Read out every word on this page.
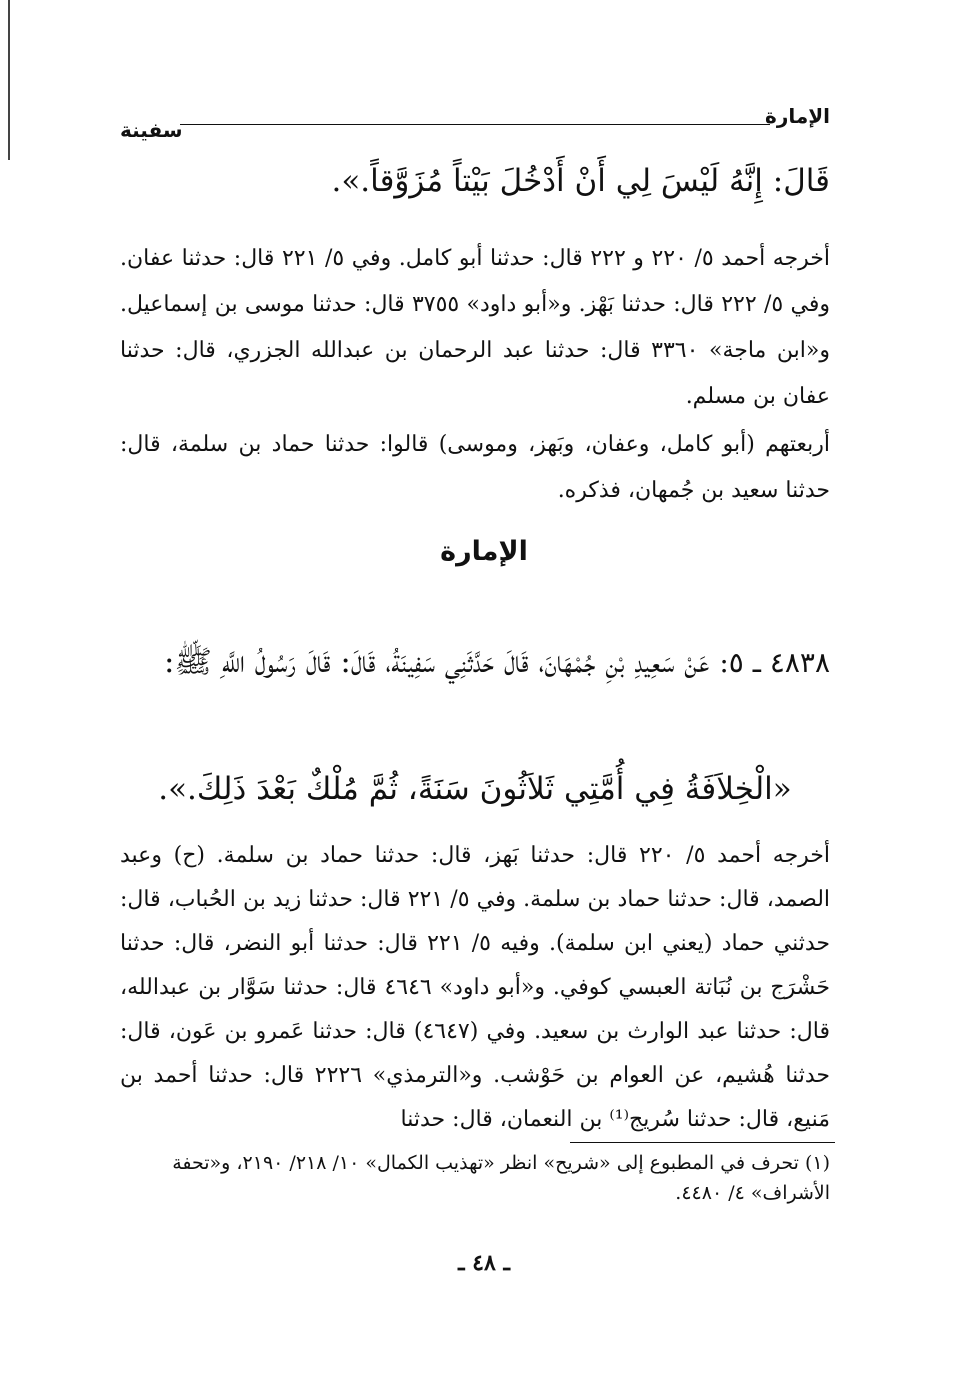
الإمارة
سفينة
قَالَ: إِنَّهُ لَيْسَ لِي أَنْ أَدْخُلَ بَيْتاً مُزَوَّقاً.».
أخرجه أحمد ٥/ ٢٢٠ و ٢٢٢ قال: حدثنا أبو كامل. وفي ٥/ ٢٢١ قال: حدثنا عفان. وفي ٥/ ٢٢٢ قال: حدثنا بَهْز. و«أبو داود» ٣٧٥٥ قال: حدثنا موسى بن إسماعيل. و«ابن ماجة» ٣٣٦٠ قال: حدثنا عبد الرحمان بن عبدالله الجزري، قال: حدثنا عفان بن مسلم.
أربعتهم (أبو كامل، وعفان، وبَهز، وموسى) قالوا: حدثنا حماد بن سلمة، قال: حدثنا سعيد بن جُمهان، فذكره.
الإمارة
٤٨٣٨ ـ ٥: عَنْ سَعِيدِ بْنِ جُمْهَانَ، قَالَ حَدَّثَنِي سَفِينَةُ، قَالَ: قَالَ رَسُولُ اللَّهِ ﷺ:
«الْخِلاَفَةُ فِي أُمَّتِي ثَلاَثُونَ سَنَةً، ثُمَّ مُلْكٌ بَعْدَ ذَلِكَ.».
أخرجه أحمد ٥/ ٢٢٠ قال: حدثنا بَهز، قال: حدثنا حماد بن سلمة. (ح) وعبد الصمد، قال: حدثنا حماد بن سلمة. وفي ٥/ ٢٢١ قال: حدثنا زيد بن الحُباب، قال: حدثني حماد (يعني ابن سلمة). وفيه ٥/ ٢٢١ قال: حدثنا أبو النضر، قال: حدثنا حَشْرَج بن نُبَاتة العبسي كوفي. و«أبو داود» ٤٦٤٦ قال: حدثنا سَوَّار بن عبدالله، قال: حدثنا عبد الوارث بن سعيد. وفي (٤٦٤٧) قال: حدثنا عَمرو بن عَون، قال: حدثنا هُشيم، عن العوام بن حَوْشب. و«الترمذي» ٢٢٢٦ قال: حدثنا أحمد بن مَنيع، قال: حدثنا سُريج⁽¹⁾ بن النعمان، قال: حدثنا
(١) تحرف في المطبوع إلى «شريح» انظر «تهذيب الكمال» ١٠/ ٢١٨/ ٢١٩٠، و«تحفة الأشراف» ٤/ ٤٤٨٠.
ـ ٤٨ ـ
